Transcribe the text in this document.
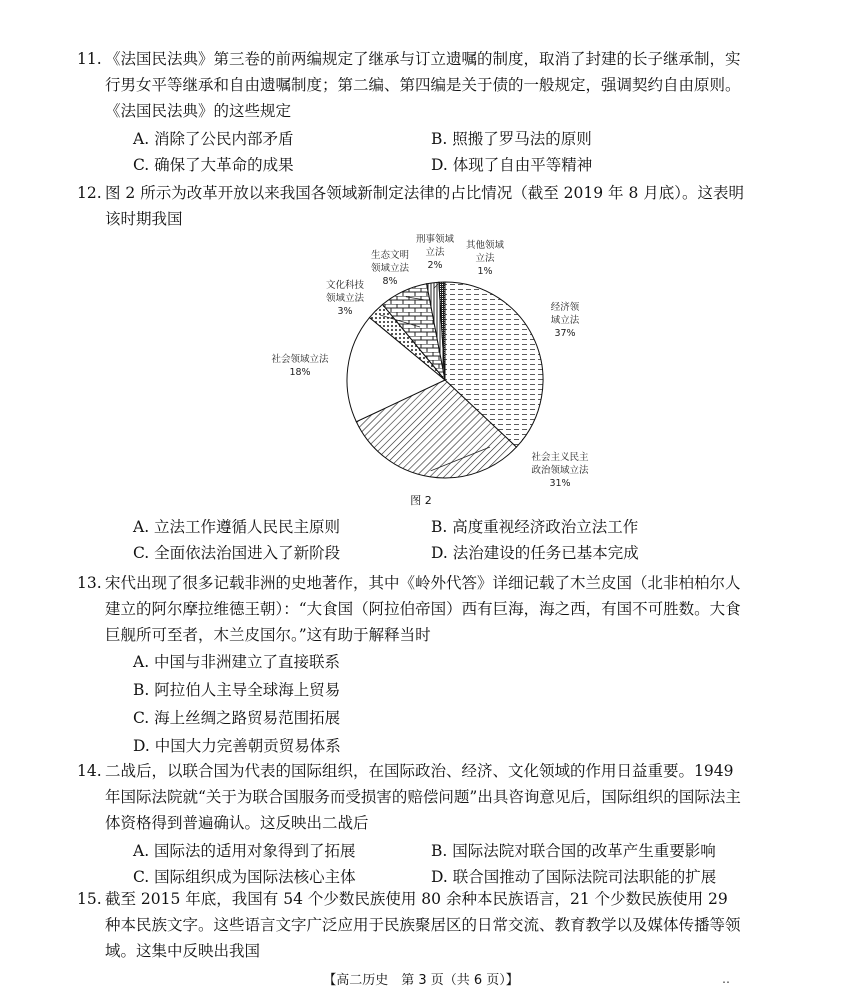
11. 《法国民法典》第三卷的前两编规定了继承与订立遗嘱的制度，取消了封建的长子继承制，实行男女平等继承和自由遗嘱制度；第二编、第四编是关于债的一般规定，强调契约自由原则。《法国民法典》的这些规定

A. 消除了公民内部矛盾	B. 照搬了罗马法的原则
C. 确保了大革命的成果	D. 体现了自由平等精神

12. 图 2 所示为改革开放以来我国各领域新制定法律的占比情况（截至 2019 年 8 月底）。这表明该时期我国

经济领域立法 37%
社会主义民主政治领域立法 31%
社会领域立法 18%
文化科技领域立法 3%
生态文明领域立法 8%
刑事领域立法 2%
其他领域立法 1%
图 2
A. 立法工作遵循人民民主原则	B. 高度重视经济政治立法工作
C. 全面依法治国进入了新阶段	D. 法治建设的任务已基本完成

13. 宋代出现了很多记载非洲的史地著作，其中《岭外代答》详细记载了木兰皮国（北非柏柏尔人建立的阿尔摩拉维德王朝）：“大食国（阿拉伯帝国）西有巨海，海之西，有国不可胜数。大食巨舰所可至者，木兰皮国尔。”这有助于解释当时

A. 中国与非洲建立了直接联系
B. 阿拉伯人主导全球海上贸易
C. 海上丝绸之路贸易范围拓展
D. 中国大力完善朝贡贸易体系

14. 二战后，以联合国为代表的国际组织，在国际政治、经济、文化领域的作用日益重要。1949 年国际法院就“关于为联合国服务而受损害的赔偿问题”出具咨询意见后，国际组织的国际法主体资格得到普遍确认。这反映出二战后

A. 国际法的适用对象得到了拓展	B. 国际法院对联合国的改革产生重要影响
C. 国际组织成为国际法核心主体	D. 联合国推动了国际法院司法职能的扩展

15. 截至 2015 年底，我国有 54 个少数民族使用 80 余种本民族语言，21 个少数民族使用 29 种本民族文字。这些语言文字广泛应用于民族聚居区的日常交流、教育教学以及媒体传播等领域。这集中反映出我国

【高二历史　第 3 页（共 6 页）】	‥
